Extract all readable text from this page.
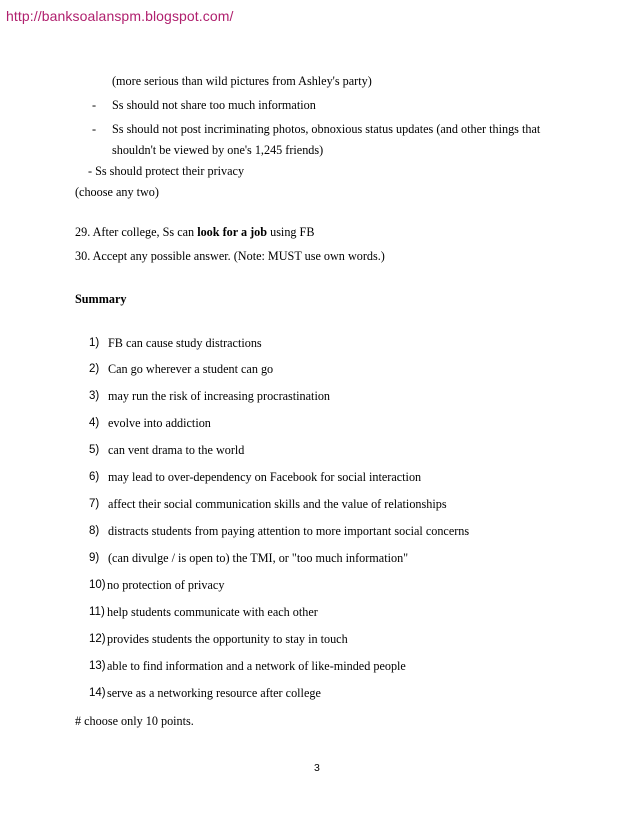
http://banksoalanspm.blogspot.com/
(more serious than wild pictures from Ashley's party)
- Ss should not share too much information
- Ss should not post incriminating photos, obnoxious status updates (and other things that
shouldn't be viewed by one's 1,245 friends)
- Ss should protect their privacy
(choose any two)
29. After college, Ss can look for a job using FB
30. Accept any possible answer. (Note: MUST use own words.)
Summary
1) FB can cause study distractions
2) Can go wherever a student can go
3) may run the risk of increasing procrastination
4) evolve into addiction
5) can vent drama to the world
6) may lead to over-dependency on Facebook for social interaction
7) affect their social communication skills and the value of relationships
8) distracts students from paying attention to more important social concerns
9) (can divulge / is open to) the TMI, or "too much information"
10) no protection of privacy
11) help students communicate with each other
12) provides students the opportunity to stay in touch
13) able to find information and a network of like-minded people
14) serve as a networking resource after college
# choose only 10 points.
3
